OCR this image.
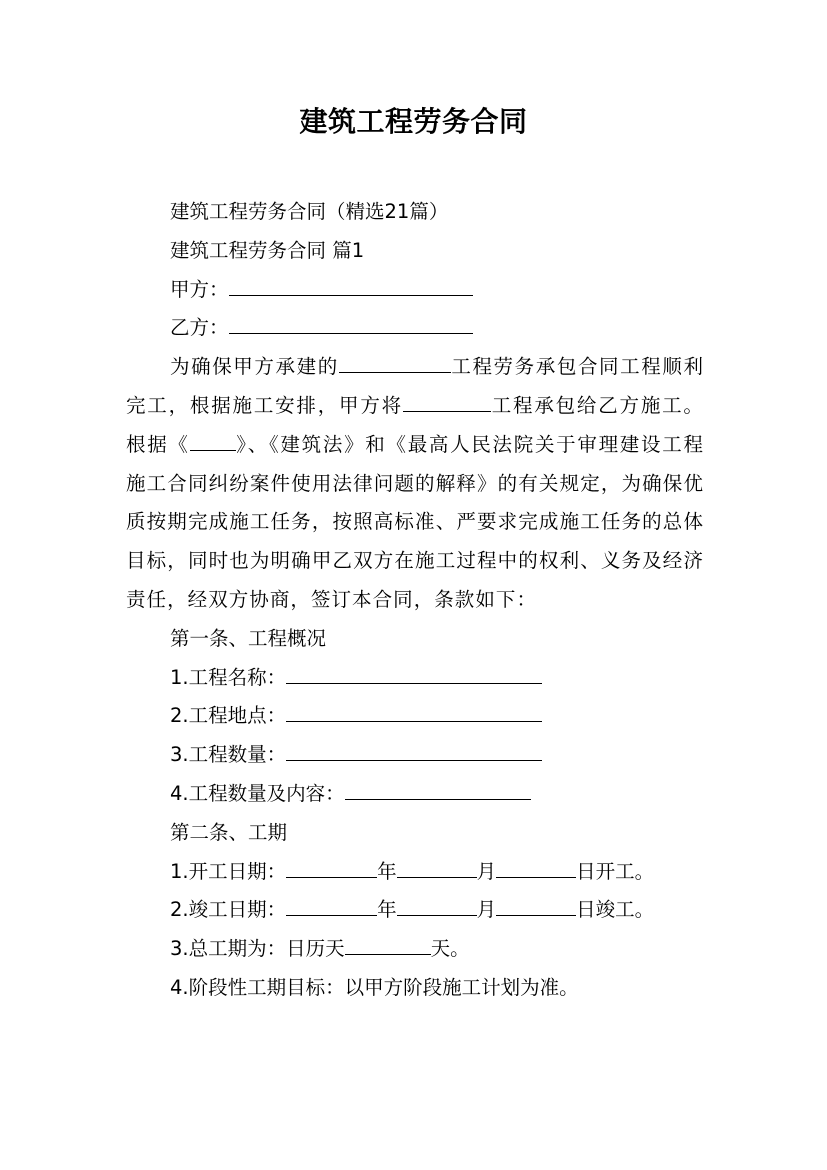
建筑工程劳务合同
建筑工程劳务合同（精选21篇）
建筑工程劳务合同 篇1
甲方：
乙方：
为确保甲方承建的	工程劳务承包合同工程顺利完工，根据施工安排，甲方将	工程承包给乙方施工。根据《 》、《建筑法》和《最高人民法院关于审理建设工程施工合同纠纷案件使用法律问题的解释》的有关规定，为确保优质按期完成施工任务，按照高标准、严要求完成施工任务的总体目标，同时也为明确甲乙双方在施工过程中的权利、义务及经济责任，经双方协商，签订本合同，条款如下：
第一条、工程概况
1.工程名称：
2.工程地点：
3.工程数量：
4.工程数量及内容：
第二条、工期
1.开工日期：	年	月	日开工。
2.竣工日期：	年	月	日竣工。
3.总工期为：日历天	天。
4.阶段性工期目标：以甲方阶段施工计划为准。
